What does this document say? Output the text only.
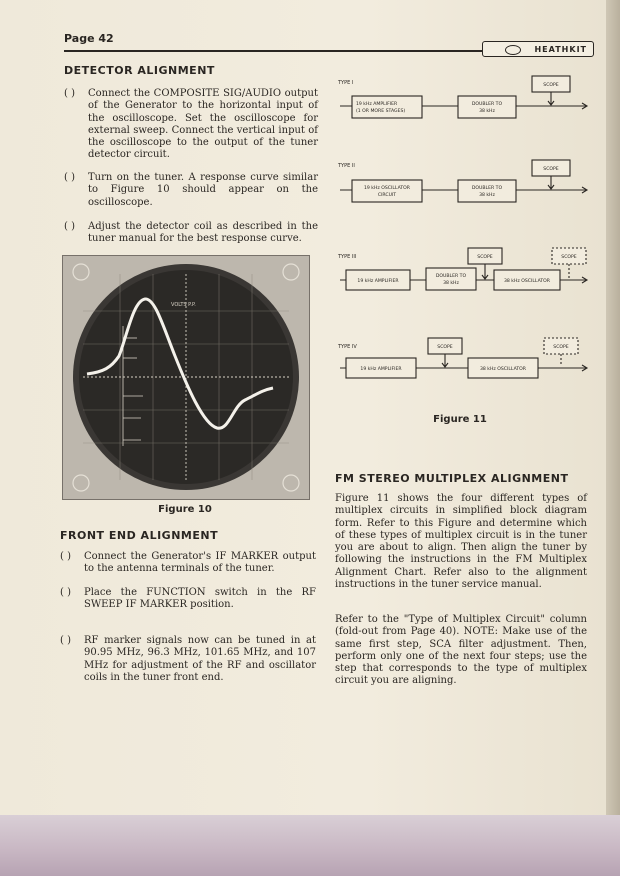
Page 42
HEATHKIT
DETECTOR ALIGNMENT
( ) Connect the COMPOSITE SIG/AUDIO output of the Generator to the horizontal input of the oscilloscope. Set the oscilloscope for external sweep. Connect the vertical input of the oscilloscope to the output of the tuner detector circuit.
( ) Turn on the tuner. A response curve similar to Figure 10 should appear on the oscilloscope.
( ) Adjust the detector coil as described in the tuner manual for the best response curve.
VOLTS P.P.
Figure 10
FRONT END ALIGNMENT
( ) Connect the Generator's IF MARKER output to the antenna terminals of the tuner.
( ) Place the FUNCTION switch in the RF SWEEP IF MARKER position.
( ) RF marker signals now can be tuned in at 90.95 MHz, 96.3 MHz, 101.65 MHz, and 107 MHz for adjustment of the RF and oscillator coils in the tuner front end.
TYPE I
TYPE II
TYPE III
TYPE IV
19 kHz AMPLIFIER
(1 OR MORE STAGES)
DOUBLER TO
38 kHz
SCOPE
19 kHz OSCILLATOR
CIRCUIT
DOUBLER TO
38 kHz
SCOPE
19 kHz AMPLIFIER
DOUBLER TO
38 kHz	38 kHz OSCILLATOR
SCOPE	SCOPE
19 kHz AMPLIFIER	38 kHz OSCILLATOR
SCOPE	SCOPE
Figure 11
FM STEREO MULTIPLEX ALIGNMENT
Figure 11 shows the four different types of multiplex circuits in simplified block diagram form. Refer to this Figure and determine which of these types of multiplex circuit is in the tuner you are about to align. Then align the tuner by following the instructions in the FM Multiplex Alignment Chart. Refer also to the alignment instructions in the tuner service manual.
Refer to the "Type of Multiplex Circuit" column (fold-out from Page 40). NOTE: Make use of the same first step, SCA filter adjustment. Then, perform only one of the next four steps; use the step that corresponds to the type of multiplex circuit you are aligning.
